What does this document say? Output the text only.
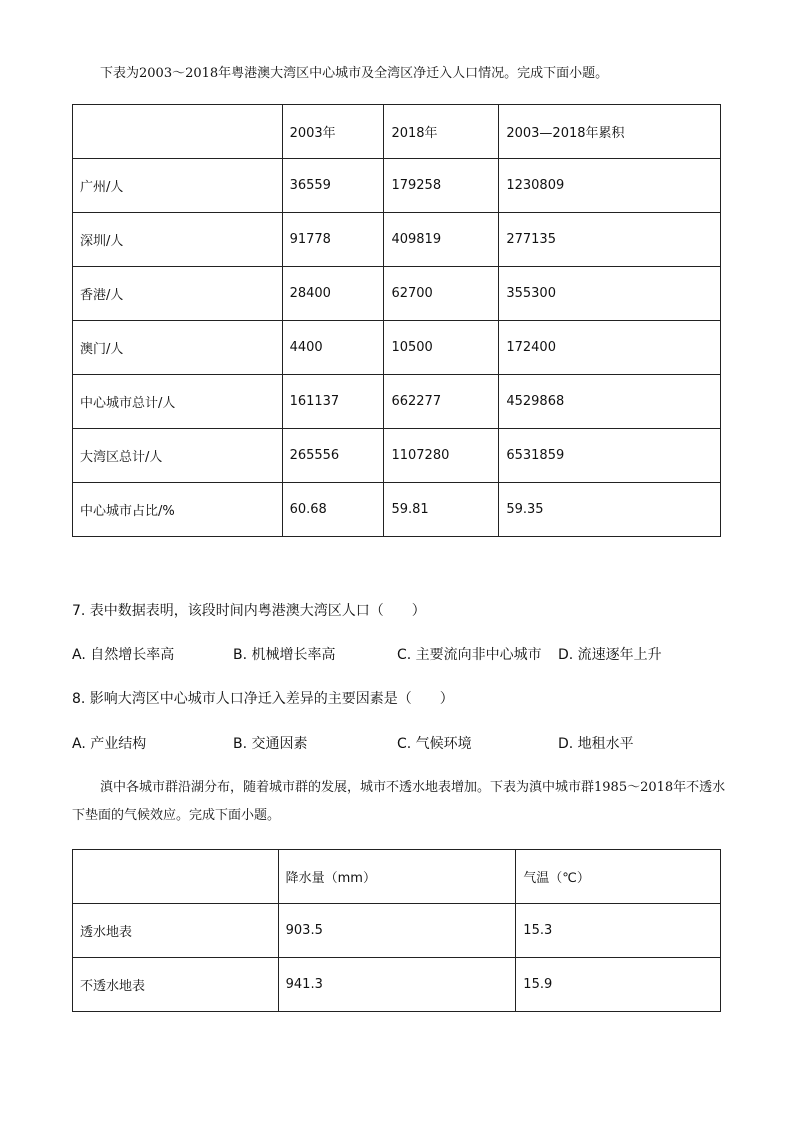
下表为2003～2018年粤港澳大湾区中心城市及全湾区净迁入人口情况。完成下面小题。

	2003年	2018年	2003—2018年累积
广州/人	36559	179258	1230809
深圳/人	91778	409819	277135
香港/人	28400	62700	355300
澳门/人	4400	10500	172400
中心城市总计/人	161137	662277	4529868
大湾区总计/人	265556	1107280	6531859
中心城市占比/%	60.68	59.81	59.35

7. 表中数据表明，该段时间内粤港澳大湾区人口（　　）

A. 自然增长率高	B. 机械增长率高	C. 主要流向非中心城市 D. 流速逐年上升

8. 影响大湾区中心城市人口净迁入差异的主要因素是（　　）

A. 产业结构	B. 交通因素	C. 气候环境	D. 地租水平

滇中各城市群沿湖分布，随着城市群的发展，城市不透水地表增加。下表为滇中城市群1985～2018年不透水下垫面的气候效应。完成下面小题。

	降水量（mm）	气温（℃）
透水地表	903.5	15.3
不透水地表	941.3	15.9
